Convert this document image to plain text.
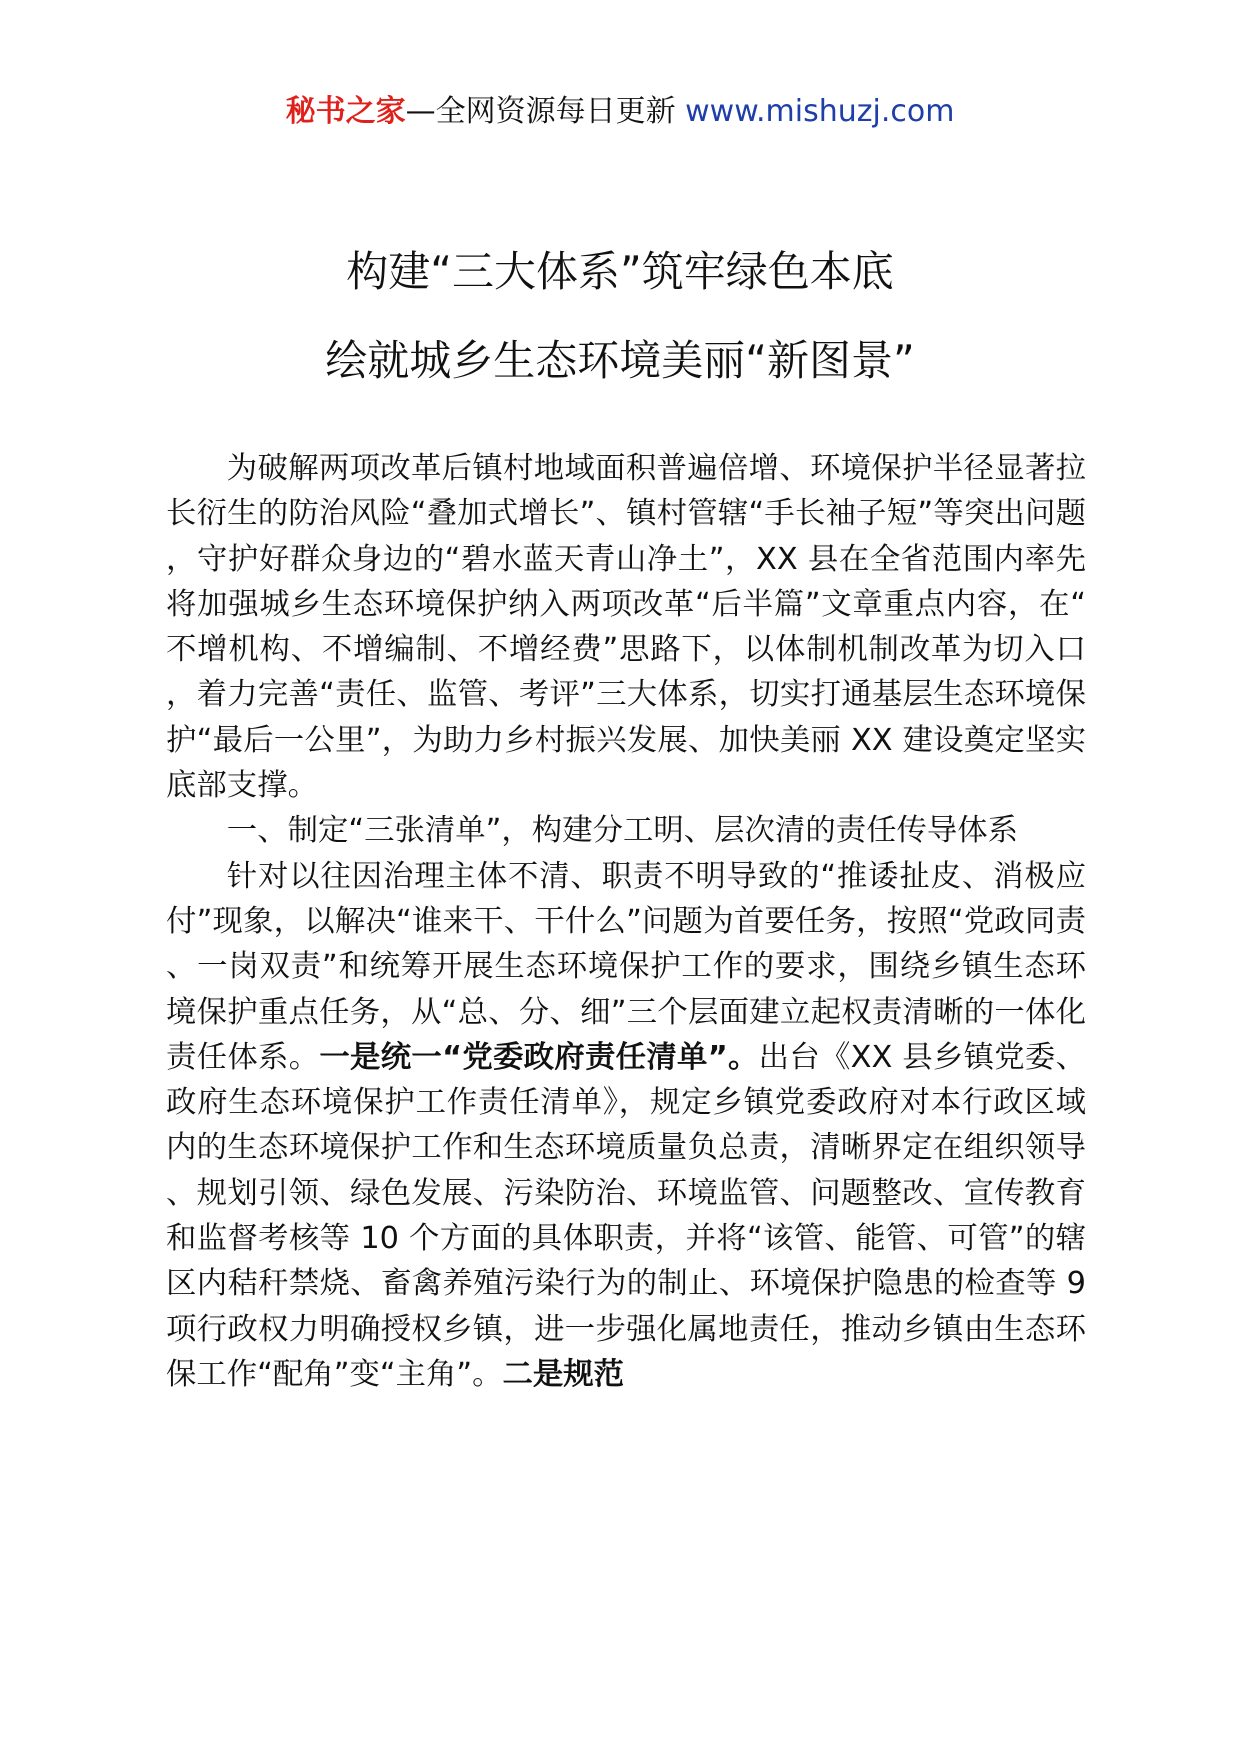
秘书之家—全网资源每日更新 www.mishuzj.com
构建“三大体系”筑牢绿色本底
绘就城乡生态环境美丽“新图景”

为破解两项改革后镇村地域面积普遍倍增、环境保护半径显著拉长衍生的防治风险“叠加式增长”、镇村管辖“手长袖子短”等突出问题，守护好群众身边的“碧水蓝天青山净土”，XX 县在全省范围内率先将加强城乡生态环境保护纳入两项改革“后半篇”文章重点内容，在“不增机构、不增编制、不增经费”思路下，以体制机制改革为切入口，着力完善“责任、监管、考评”三大体系，切实打通基层生态环境保护“最后一公里”，为助力乡村振兴发展、加快美丽 XX 建设奠定坚实底部支撑。

一、制定“三张清单”，构建分工明、层次清的责任传导体系

针对以往因治理主体不清、职责不明导致的“推诿扯皮、消极应付”现象，以解决“谁来干、干什么”问题为首要任务，按照“党政同责、一岗双责”和统筹开展生态环境保护工作的要求，围绕乡镇生态环境保护重点任务，从“总、分、细”三个层面建立起权责清晰的一体化责任体系。一是统一“党委政府责任清单”。出台《XX 县乡镇党委、政府生态环境保护工作责任清单》，规定乡镇党委政府对本行政区域内的生态环境保护工作和生态环境质量负总责，清晰界定在组织领导、规划引领、绿色发展、污染防治、环境监管、问题整改、宣传教育和监督考核等 10 个方面的具体职责，并将“该管、能管、可管”的辖区内秸秆禁烧、畜禽养殖污染行为的制止、环境保护隐患的检查等 9 项行政权力明确授权乡镇，进一步强化属地责任，推动乡镇由生态环保工作“配角”变“主角”。二是规范
